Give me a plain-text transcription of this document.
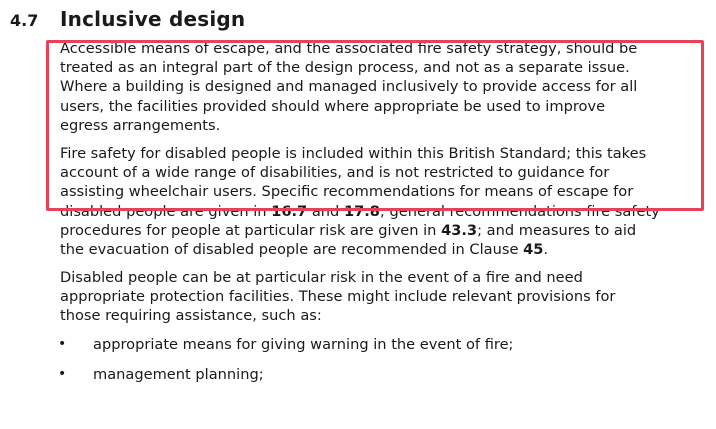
4.7	Inclusive design

Accessible means of escape, and the associated fire safety strategy, should be
treated as an integral part of the design process, and not as a separate issue.
Where a building is designed and managed inclusively to provide access for all
users, the facilities provided should where appropriate be used to improve
egress arrangements.

Fire safety for disabled people is included within this British Standard; this takes
account of a wide range of disabilities, and is not restricted to guidance for
assisting wheelchair users. Specific recommendations for means of escape for
disabled people are given in 16.7 and 17.8; general recommendations fire safety
procedures for people at particular risk are given in 43.3; and measures to aid
the evacuation of disabled people are recommended in Clause 45.

Disabled people can be at particular risk in the event of a fire and need
appropriate protection facilities. These might include relevant provisions for
those requiring assistance, such as:

• appropriate means for giving warning in the event of fire;
• management planning;
